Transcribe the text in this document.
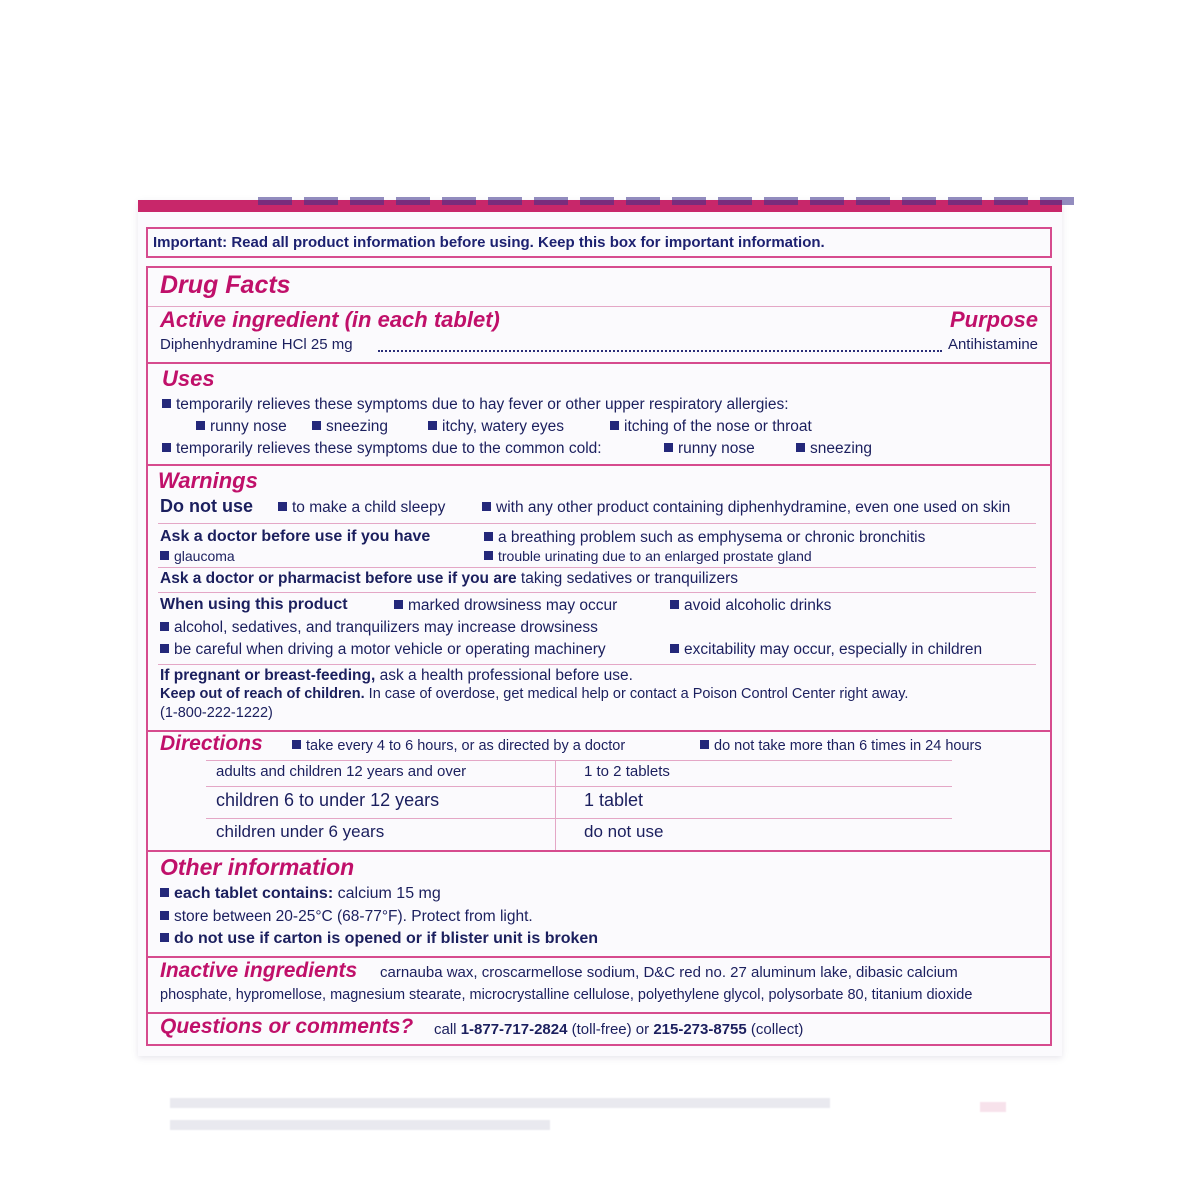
Important: Read all product information before using. Keep this box for important information.
Drug Facts
Active ingredient (in each tablet)	Purpose
Diphenhydramine HCl 25 mg	Antihistamine
Uses
temporarily relieves these symptoms due to hay fever or other upper respiratory allergies:
runny nose	sneezing	itchy, watery eyes	itching of the nose or throat
temporarily relieves these symptoms due to the common cold:	runny nose	sneezing
Warnings
Do not use	to make a child sleepy	with any other product containing diphenhydramine, even one used on skin
Ask a doctor before use if you have
glaucoma
a breathing problem such as emphysema or chronic bronchitis
trouble urinating due to an enlarged prostate gland
Ask a doctor or pharmacist before use if you are taking sedatives or tranquilizers
When using this product	marked drowsiness may occur	avoid alcoholic drinks
alcohol, sedatives, and tranquilizers may increase drowsiness
be careful when driving a motor vehicle or operating machinery	excitability may occur, especially in children
If pregnant or breast-feeding, ask a health professional before use.
Keep out of reach of children. In case of overdose, get medical help or contact a Poison Control Center right away.
(1-800-222-1222)
Directions	take every 4 to 6 hours, or as directed by a doctor	do not take more than 6 times in 24 hours
adults and children 12 years and over	1 to 2 tablets
children 6 to under 12 years	1 tablet
children under 6 years	do not use
Other information
each tablet contains: calcium 15 mg
store between 20-25°C (68-77°F). Protect from light.
do not use if carton is opened or if blister unit is broken
Inactive ingredients carnauba wax, croscarmellose sodium, D&C red no. 27 aluminum lake, dibasic calcium
phosphate, hypromellose, magnesium stearate, microcrystalline cellulose, polyethylene glycol, polysorbate 80, titanium dioxide
Questions or comments? call 1-877-717-2824 (toll-free) or 215-273-8755 (collect)
